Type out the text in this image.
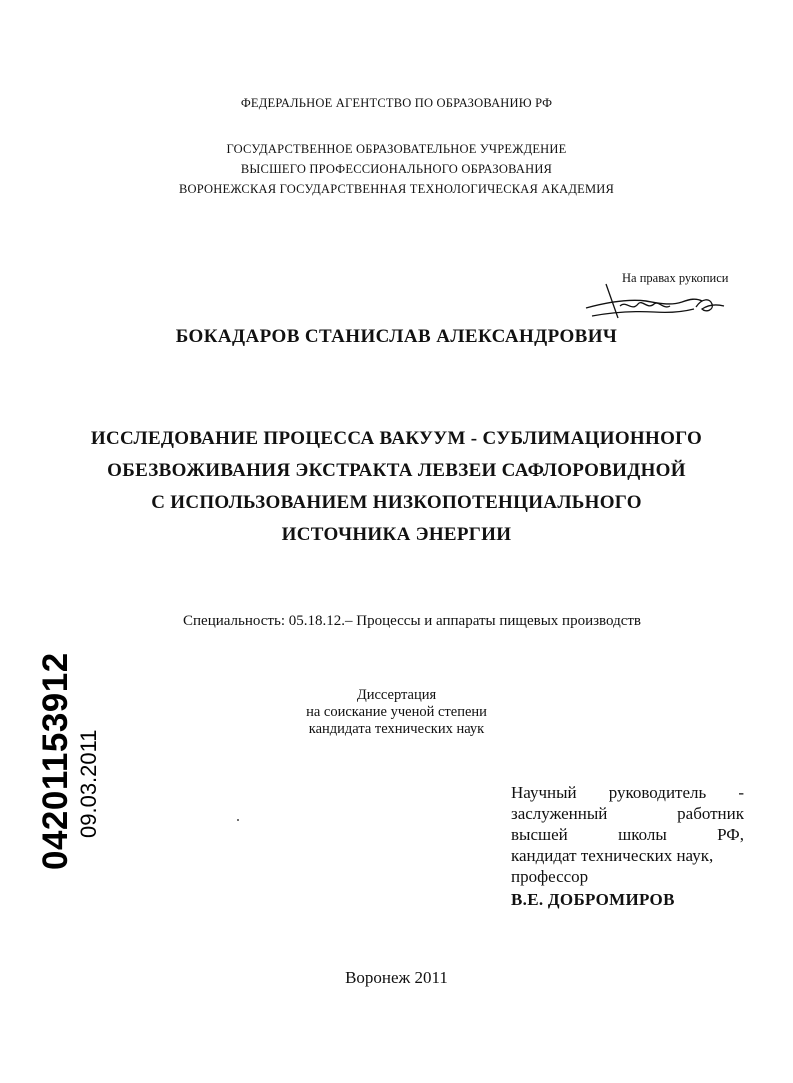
ФЕДЕРАЛЬНОЕ АГЕНТСТВО ПО ОБРАЗОВАНИЮ РФ
ГОСУДАРСТВЕННОЕ ОБРАЗОВАТЕЛЬНОЕ УЧРЕЖДЕНИЕ
ВЫСШЕГО ПРОФЕССИОНАЛЬНОГО ОБРАЗОВАНИЯ
ВОРОНЕЖСКАЯ ГОСУДАРСТВЕННАЯ ТЕХНОЛОГИЧЕСКАЯ АКАДЕМИЯ
На правах рукописи
БОКАДАРОВ СТАНИСЛАВ АЛЕКСАНДРОВИЧ
ИССЛЕДОВАНИЕ ПРОЦЕССА ВАКУУМ - СУБЛИМАЦИОННОГО
ОБЕЗВОЖИВАНИЯ ЭКСТРАКТА ЛЕВЗЕИ САФЛОРОВИДНОЙ
С ИСПОЛЬЗОВАНИЕМ НИЗКОПОТЕНЦИАЛЬНОГО
ИСТОЧНИКА ЭНЕРГИИ
Специальность: 05.18.12.– Процессы и аппараты пищевых производств
Диссертация
на соискание ученой степени
кандидата технических наук
04201153912 09.03.2011	Научный руководитель -
заслуженный работник
высшей школы РФ,
кандидат технических наук,
профессор
В.Е. ДОБРОМИРОВ
Воронеж 2011
